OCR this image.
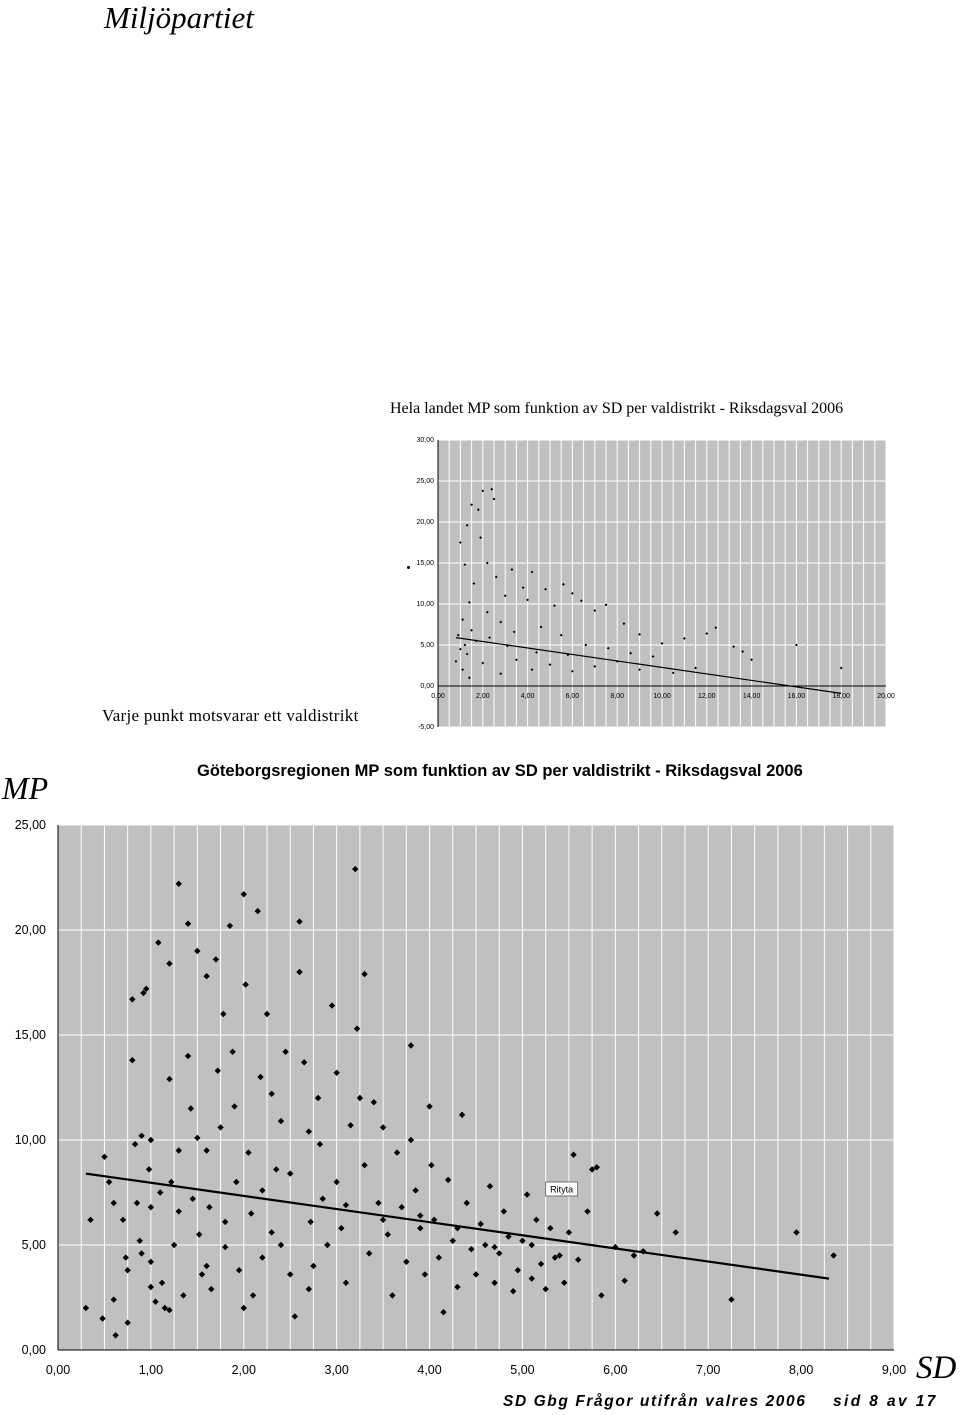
Miljöpartiet
Hela landet MP som funktion av SD per valdistrikt - Riksdagsval 2006
0,00	2,00	4,00	6,00	8,00	10,00	12,00	14,00	16,00	18,00	20,00
-5,00
0,00
5,00
10,00
15,00
20,00
25,00
30,00
Varje punkt motsvarar ett valdistrikt
MP	Göteborgsregionen MP som funktion av SD per valdistrikt - Riksdagsval 2006
0,00	1,00	2,00	3,00	4,00	5,00	6,00	7,00	8,00	9,00
0,00
5,00
10,00
15,00
20,00
25,00
Rityta
SD
SD Gbg Frågor utifrån valres 2006 sid 8 av 17
